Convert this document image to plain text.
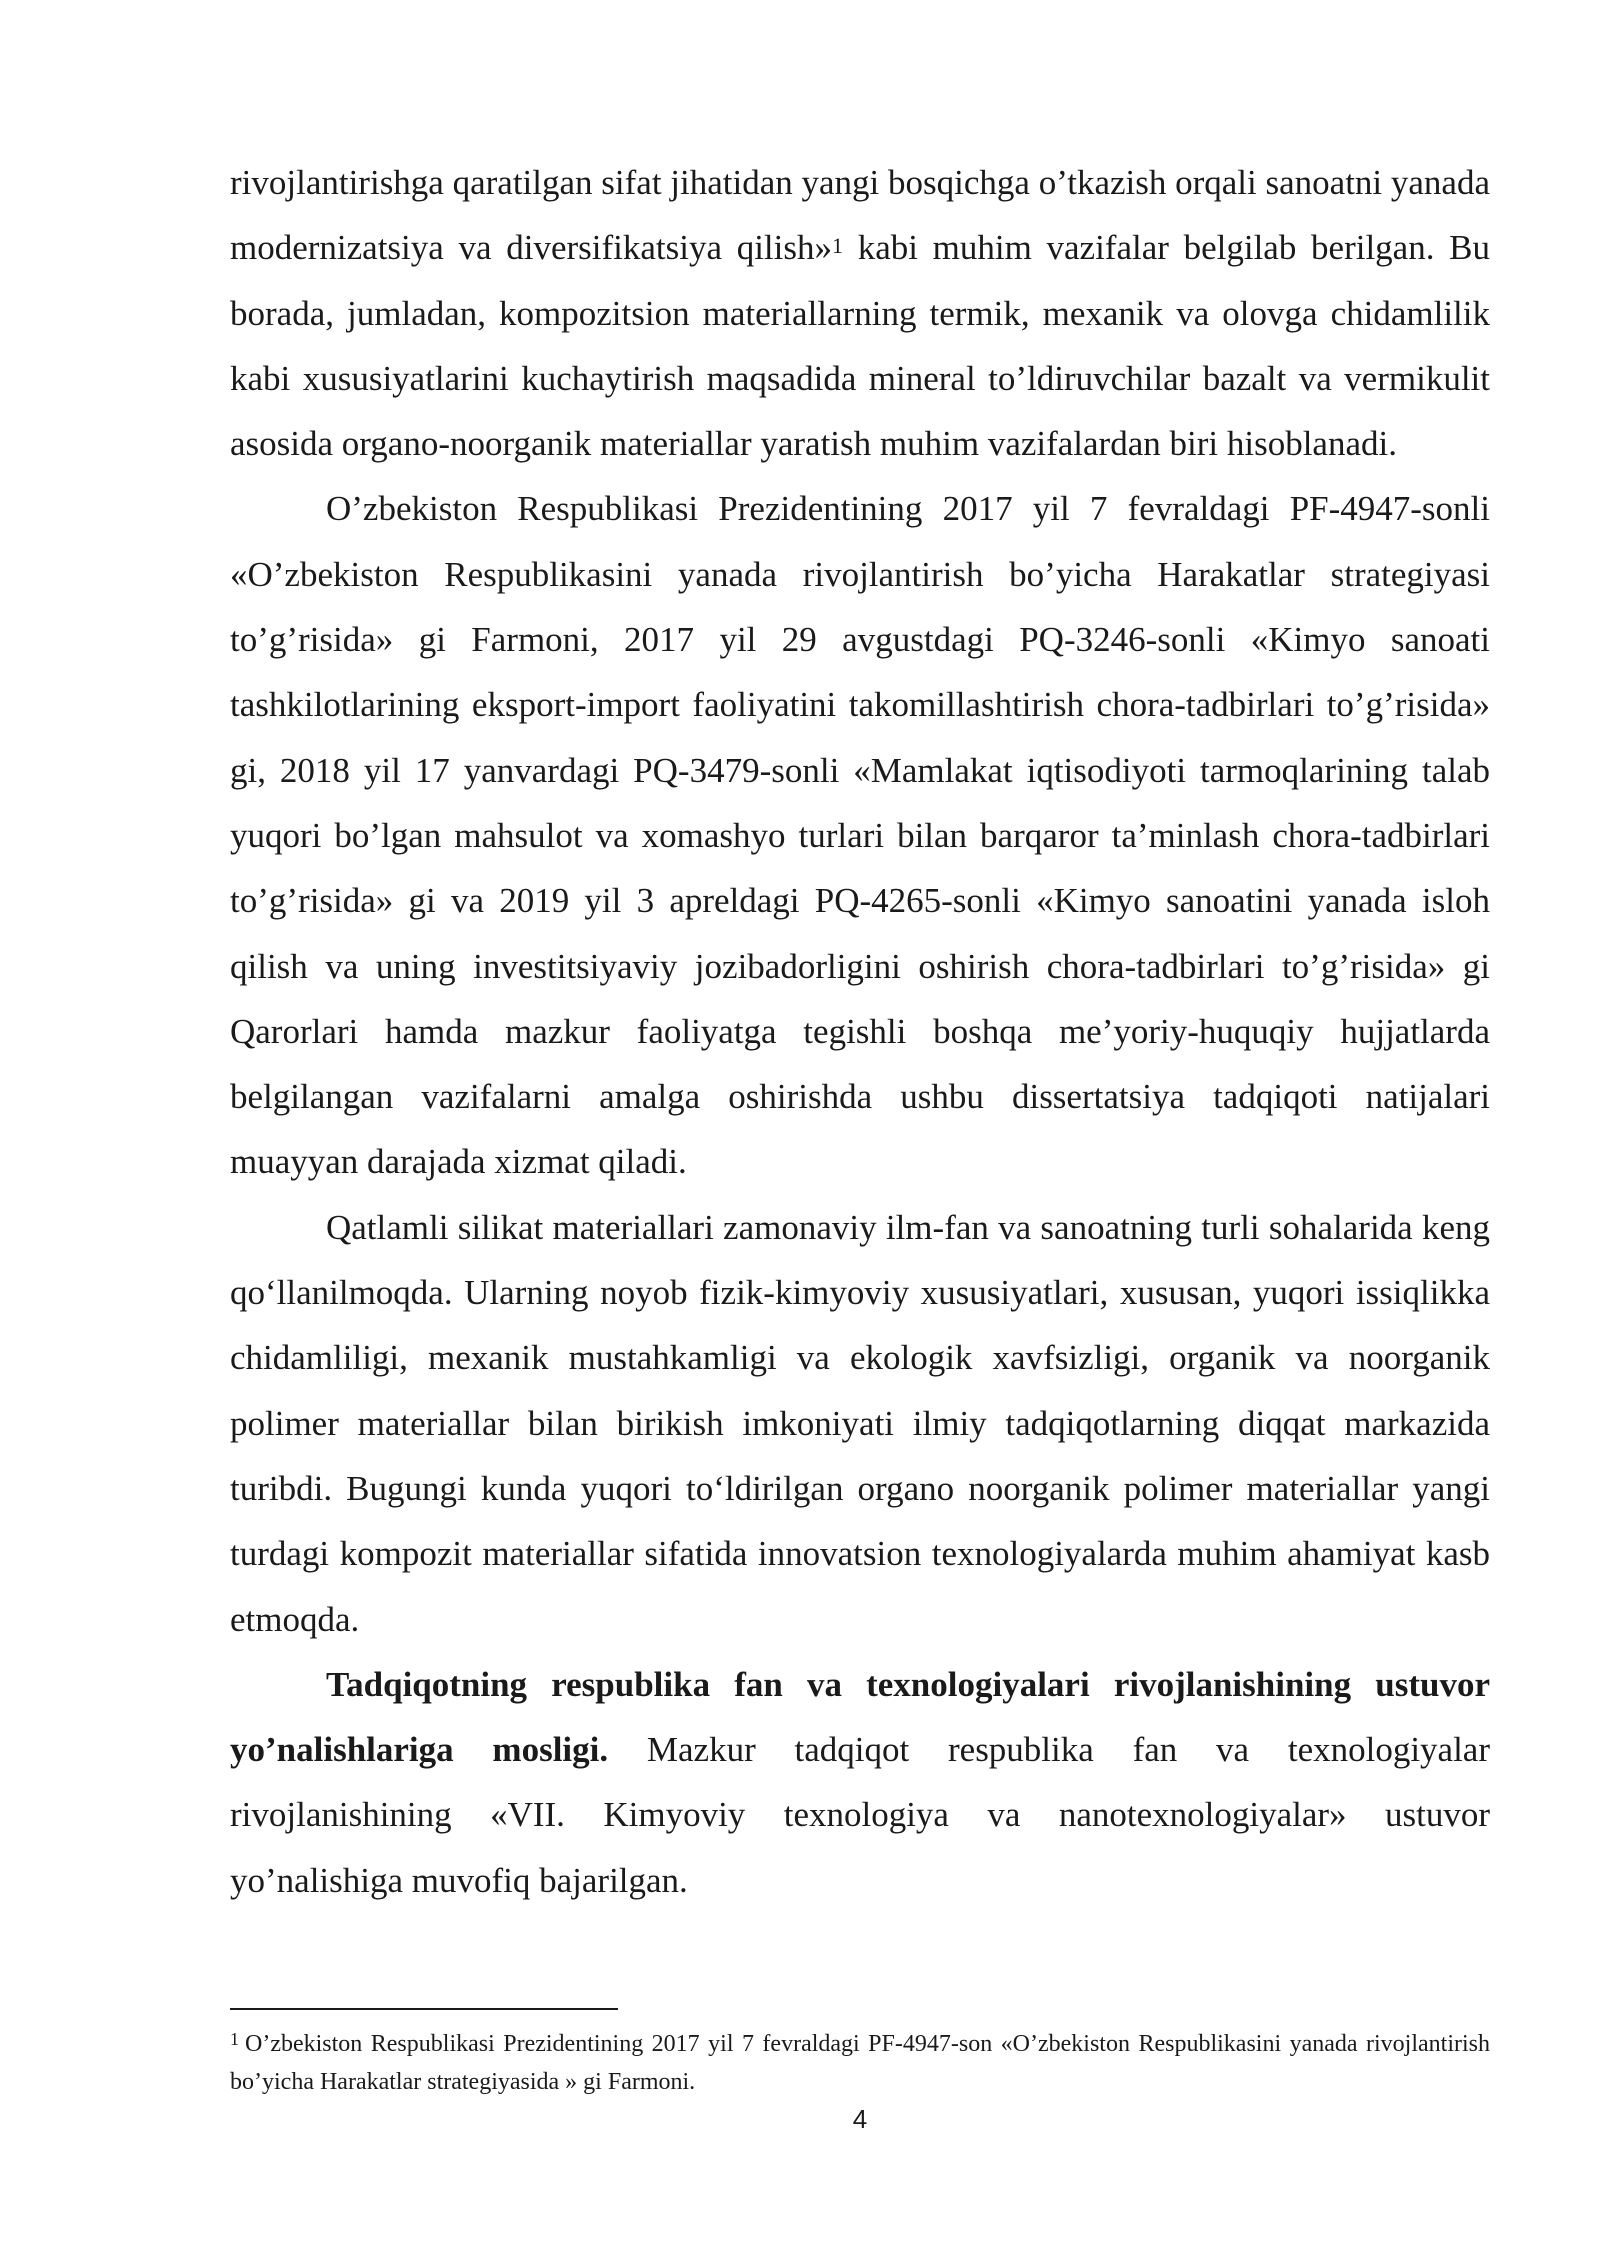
rivojlantirishga qaratilgan sifat jihatidan yangi bosqichga o’tkazish orqali sanoatni yanada modernizatsiya va diversifikatsiya qilish»$^1$ kabi muhim vazifalar belgilab berilgan. Bu borada, jumladan, kompozitsion materiallarning termik, mexanik va olovga chidamlilik kabi xususiyatlarini kuchaytirish maqsadida mineral to’ldiruvchilar bazalt va vermikulit asosida organo-noorganik materiallar yaratish muhim vazifalardan biri hisoblanadi.

O’zbekiston Respublikasi Prezidentining 2017 yil 7 fevraldagi PF-4947-sonli «O’zbekiston Respublikasini yanada rivojlantirish bo’yicha Harakatlar strategiyasi to’g’risida» gi Farmoni, 2017 yil 29 avgustdagi PQ-3246-sonli «Kimyo sanoati tashkilotlarining eksport-import faoliyatini takomillashtirish chora-tadbirlari to’g’risida» gi, 2018 yil 17 yanvardagi PQ-3479-sonli «Mamlakat iqtisodiyoti tarmoqlarining talab yuqori bo’lgan mahsulot va xomashyo turlari bilan barqaror ta’minlash chora-tadbirlari to’g’risida» gi va 2019 yil 3 apreldagi PQ-4265-sonli «Kimyo sanoatini yanada isloh qilish va uning investitsiyaviy jozibadorligini oshirish chora-tadbirlari to’g’risida» gi Qarorlari hamda mazkur faoliyatga tegishli boshqa me’yoriy-huquqiy hujjatlarda belgilangan vazifalarni amalga oshirishda ushbu dissertatsiya tadqiqoti natijalari muayyan darajada xizmat qiladi.

Qatlamli silikat materiallari zamonaviy ilm-fan va sanoatning turli sohalarida keng qo‘llanilmoqda. Ularning noyob fizik-kimyoviy xususiyatlari, xususan, yuqori issiqlikka chidamliligi, mexanik mustahkamligi va ekologik xavfsizligi, organik va noorganik polimer materiallar bilan birikish imkoniyati ilmiy tadqiqotlarning diqqat markazida turibdi. Bugungi kunda yuqori to‘ldirilgan organo noorganik polimer materiallar yangi turdagi kompozit materiallar sifatida innovatsion texnologiyalarda muhim ahamiyat kasb etmoqda.

Tadqiqotning respublika fan va texnologiyalari rivojlanishining ustuvor yo’nalishlariga mosligi. Mazkur tadqiqot respublika fan va texnologiyalar rivojlanishining «VII. Kimyoviy texnologiya va nanotexnologiyalar» ustuvor yo’nalishiga muvofiq bajarilgan.

$^1$ O’zbekiston Respublikasi Prezidentining 2017 yil 7 fevraldagi PF-4947-son «O’zbekiston Respublikasini yanada rivojlantirish bo’yicha Harakatlar strategiyasida » gi Farmoni.

4
